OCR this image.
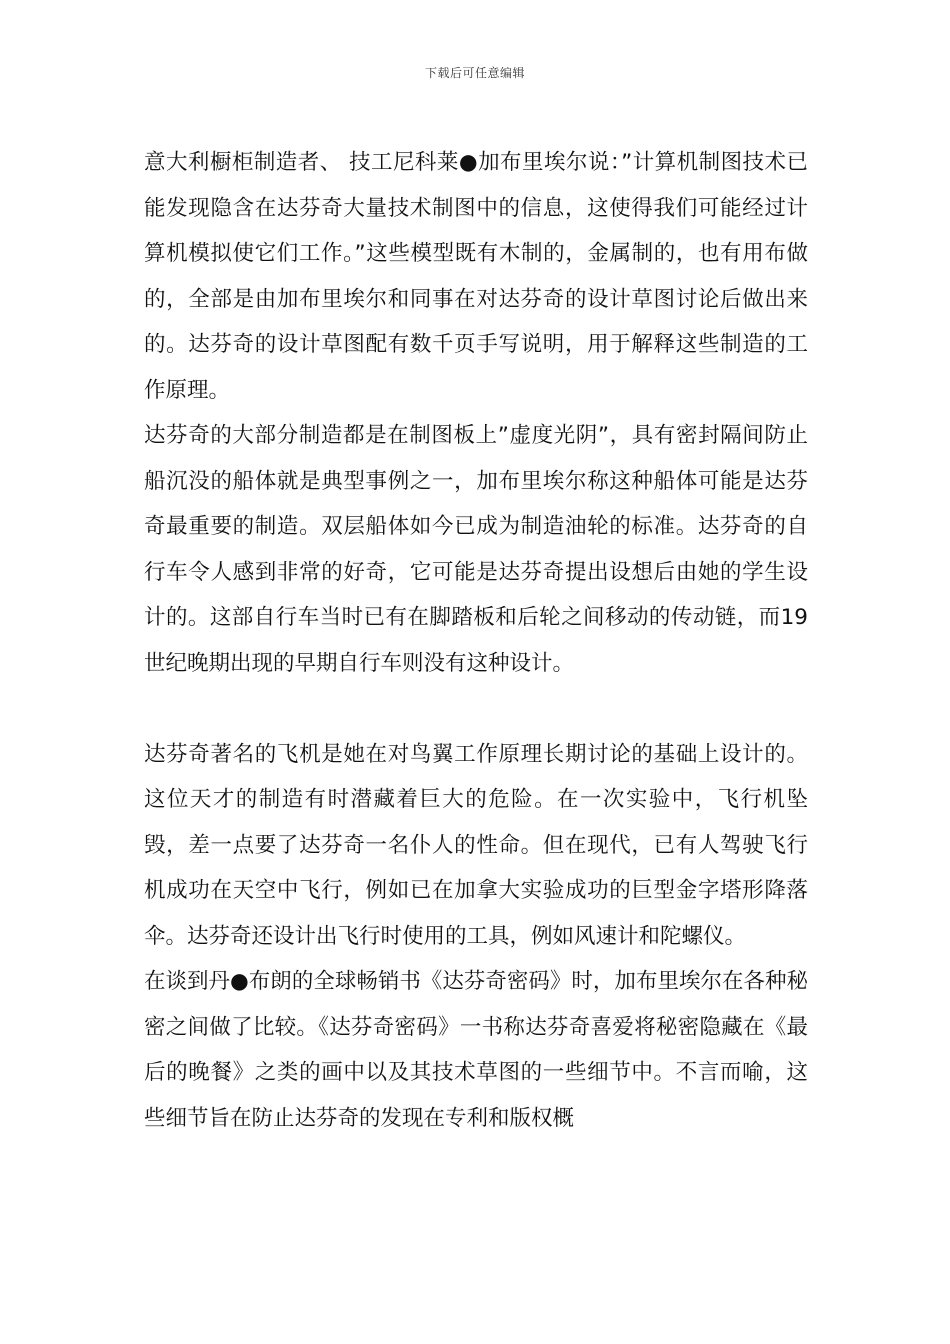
下载后可任意编辑

意大利橱柜制造者、 技工尼科莱●加布里埃尔说：”计算机制图技术已能发现隐含在达芬奇大量技术制图中的信息，这使得我们可能经过计算机模拟使它们工作。”这些模型既有木制的，金属制的，也有用布做的，全部是由加布里埃尔和同事在对达芬奇的设计草图讨论后做出来的。达芬奇的设计草图配有数千页手写说明，用于解释这些制造的工作原理。

达芬奇的大部分制造都是在制图板上”虚度光阴”，具有密封隔间防止船沉没的船体就是典型事例之一，加布里埃尔称这种船体可能是达芬奇最重要的制造。双层船体如今已成为制造油轮的标准。达芬奇的自行车令人感到非常的好奇，它可能是达芬奇提出设想后由她的学生设计的。这部自行车当时已有在脚踏板和后轮之间移动的传动链，而19世纪晚期出现的早期自行车则没有这种设计。

达芬奇著名的飞机是她在对鸟翼工作原理长期讨论的基础上设计的。这位天才的制造有时潜藏着巨大的危险。在一次实验中，飞行机坠毁，差一点要了达芬奇一名仆人的性命。但在现代，已有人驾驶飞行机成功在天空中飞行，例如已在加拿大实验成功的巨型金字塔形降落伞。达芬奇还设计出飞行时使用的工具，例如风速计和陀螺仪。

在谈到丹●布朗的全球畅销书《达芬奇密码》时，加布里埃尔在各种秘密之间做了比较。《达芬奇密码》一书称达芬奇喜爱将秘密隐藏在《最后的晚餐》之类的画中以及其技术草图的一些细节中。不言而喻，这些细节旨在防止达芬奇的发现在专利和版权概
